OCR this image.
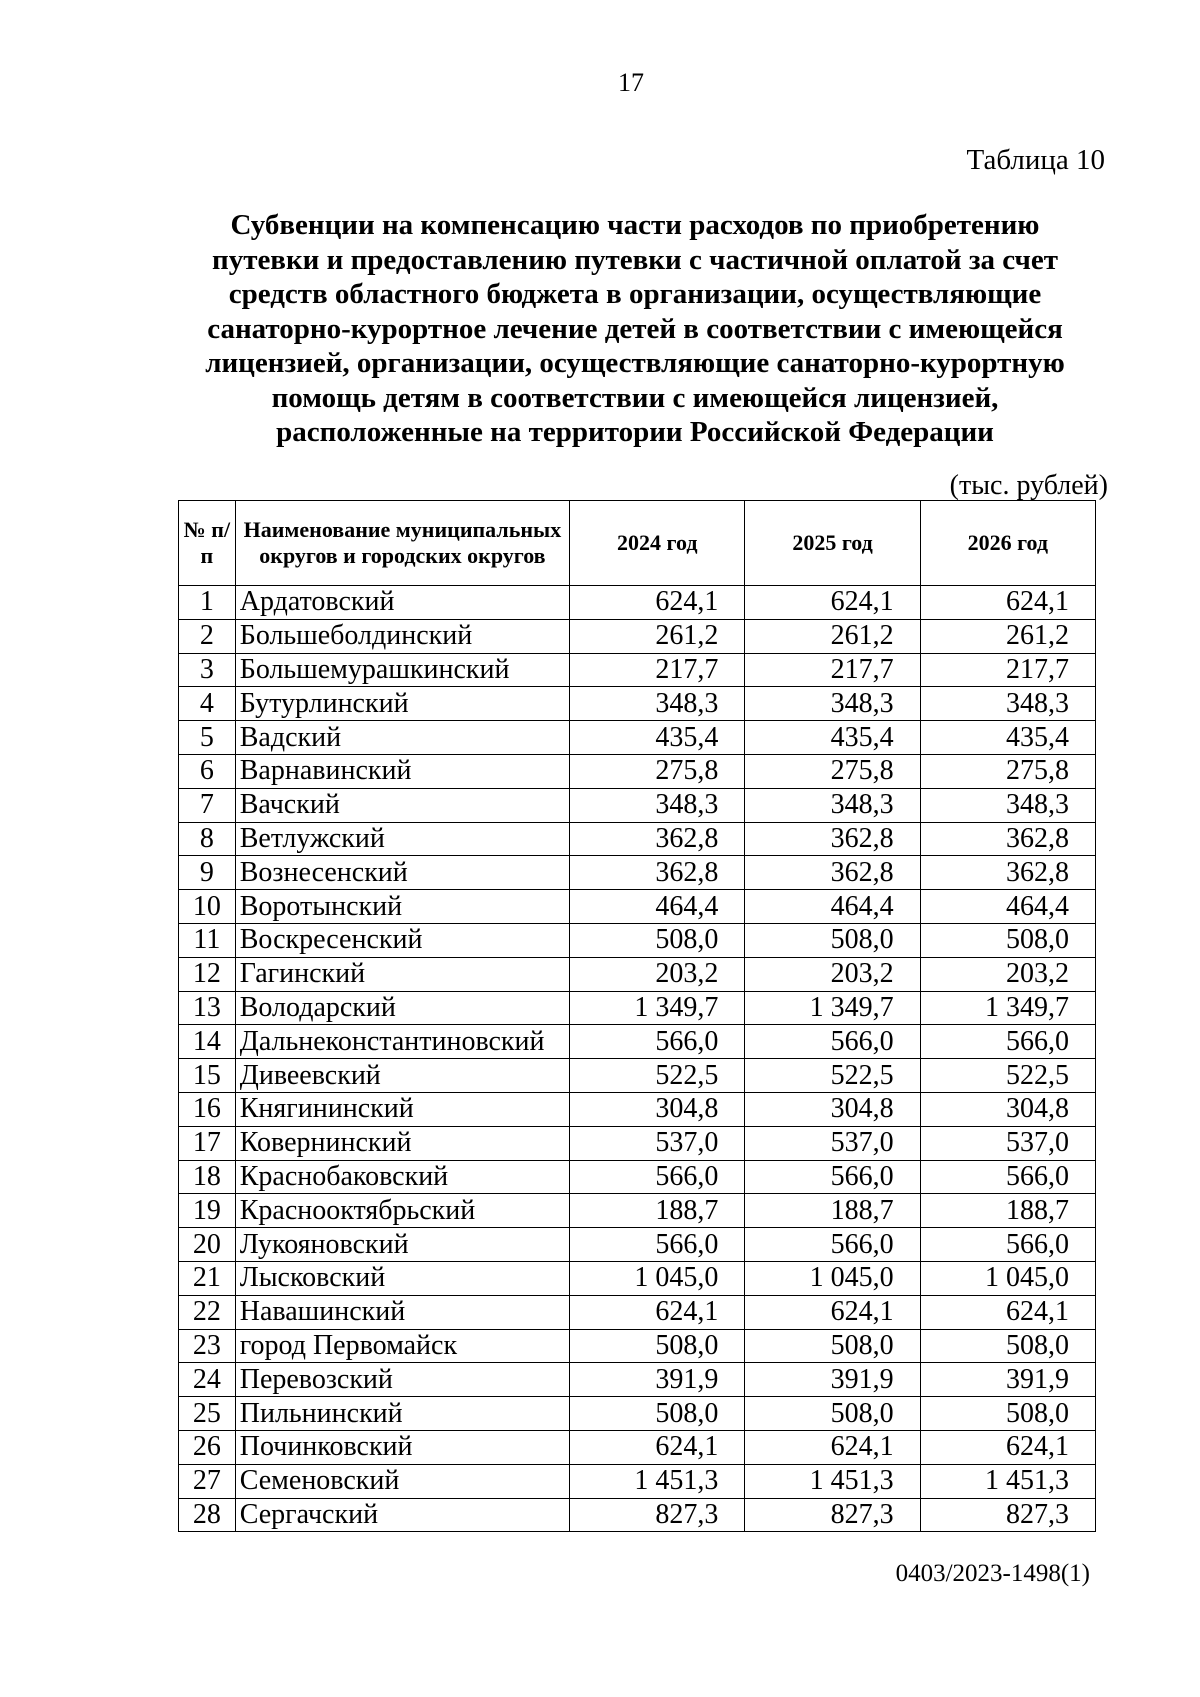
17
Таблица 10
Субвенции на компенсацию части расходов по приобретению путевки и предоставлению путевки с частичной оплатой за счет средств областного бюджета в организации, осуществляющие санаторно-курортное лечение детей в соответствии с имеющейся лицензией, организации, осуществляющие санаторно-курортную помощь детям в соответствии с имеющейся лицензией, расположенные на территории Российской Федерации
(тыс. рублей)
№ п/п	Наименование муниципальных округов и городских округов	2024 год	2025 год	2026 год
1	Ардатовский	624,1	624,1	624,1
2	Большеболдинский	261,2	261,2	261,2
3	Большемурашкинский	217,7	217,7	217,7
4	Бутурлинский	348,3	348,3	348,3
5	Вадский	435,4	435,4	435,4
6	Варнавинский	275,8	275,8	275,8
7	Вачский	348,3	348,3	348,3
8	Ветлужский	362,8	362,8	362,8
9	Вознесенский	362,8	362,8	362,8
10	Воротынский	464,4	464,4	464,4
11	Воскресенский	508,0	508,0	508,0
12	Гагинский	203,2	203,2	203,2
13	Володарский	1 349,7	1 349,7	1 349,7
14	Дальнеконстантиновский	566,0	566,0	566,0
15	Дивеевский	522,5	522,5	522,5
16	Княгининский	304,8	304,8	304,8
17	Ковернинский	537,0	537,0	537,0
18	Краснобаковский	566,0	566,0	566,0
19	Краснооктябрьский	188,7	188,7	188,7
20	Лукояновский	566,0	566,0	566,0
21	Лысковский	1 045,0	1 045,0	1 045,0
22	Навашинский	624,1	624,1	624,1
23	город Первомайск	508,0	508,0	508,0
24	Перевозский	391,9	391,9	391,9
25	Пильнинский	508,0	508,0	508,0
26	Починковский	624,1	624,1	624,1
27	Семеновский	1 451,3	1 451,3	1 451,3
28	Сергачский	827,3	827,3	827,3
0403/2023-1498(1)
